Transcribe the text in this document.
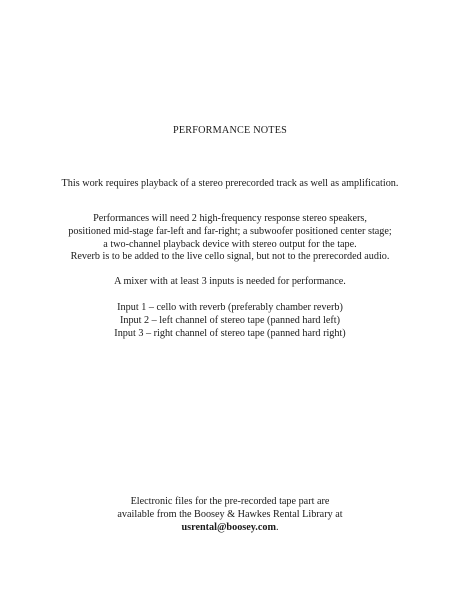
PERFORMANCE NOTES
This work requires playback of a stereo prerecorded track as well as amplification.
Performances will need 2 high-frequency response stereo speakers,
positioned mid-stage far-left and far-right; a subwoofer positioned center stage;
a two-channel playback device with stereo output for the tape.
Reverb is to be added to the live cello signal, but not to the prerecorded audio.
A mixer with at least 3 inputs is needed for performance.
Input 1 – cello with reverb (preferably chamber reverb)
Input 2 – left channel of stereo tape (panned hard left)
Input 3 – right channel of stereo tape (panned hard right)
Electronic files for the pre-recorded tape part are
available from the Boosey & Hawkes Rental Library at
usrental@boosey.com.
